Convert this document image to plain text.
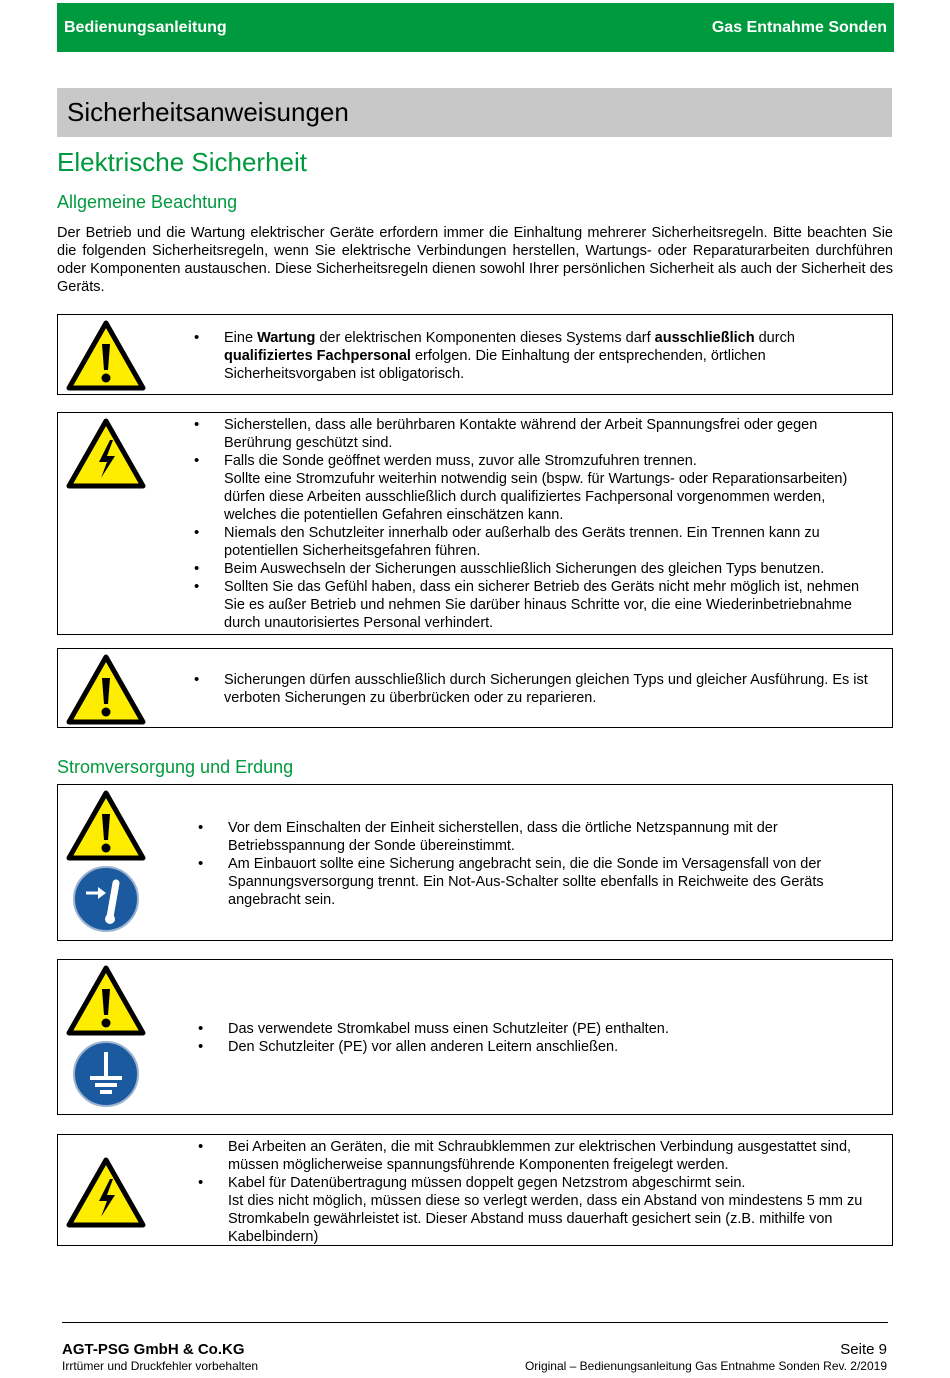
Bedienungsanleitung	Gas Entnahme Sonden
Sicherheitsanweisungen
Elektrische Sicherheit
Allgemeine Beachtung

Der Betrieb und die Wartung elektrischer Geräte erfordern immer die Einhaltung mehrerer Sicherheitsregeln. Bitte beachten Sie die folgenden Sicherheitsregeln, wenn Sie elektrische Verbindungen herstellen, Wartungs- oder Reparaturarbeiten durchführen oder Komponenten austauschen. Diese Sicherheitsregeln dienen sowohl Ihrer persönlichen Sicherheit als auch der Sicherheit des Geräts.

• Eine Wartung der elektrischen Komponenten dieses Systems darf ausschließlich durch qualifiziertes Fachpersonal erfolgen. Die Einhaltung der entsprechenden, örtlichen Sicherheitsvorgaben ist obligatorisch.
• Sicherstellen, dass alle berührbaren Kontakte während der Arbeit Spannungsfrei oder gegen Berührung geschützt sind.
• Falls die Sonde geöffnet werden muss, zuvor alle Stromzufuhren trennen.
Sollte eine Stromzufuhr weiterhin notwendig sein (bspw. für Wartungs- oder Reparationsarbeiten) dürfen diese Arbeiten ausschließlich durch qualifiziertes Fachpersonal vorgenommen werden, welches die potentiellen Gefahren einschätzen kann.
• Niemals den Schutzleiter innerhalb oder außerhalb des Geräts trennen. Ein Trennen kann zu potentiellen Sicherheitsgefahren führen.
• Beim Auswechseln der Sicherungen ausschließlich Sicherungen des gleichen Typs benutzen.
• Sollten Sie das Gefühl haben, dass ein sicherer Betrieb des Geräts nicht mehr möglich ist, nehmen Sie es außer Betrieb und nehmen Sie darüber hinaus Schritte vor, die eine Wiederinbetriebnahme durch unautorisiertes Personal verhindert.
• Sicherungen dürfen ausschließlich durch Sicherungen gleichen Typs und gleicher Ausführung. Es ist verboten Sicherungen zu überbrücken oder zu reparieren.
Stromversorgung und Erdung
• Vor dem Einschalten der Einheit sicherstellen, dass die örtliche Netzspannung mit der Betriebsspannung der Sonde übereinstimmt.
• Am Einbauort sollte eine Sicherung angebracht sein, die die Sonde im Versagensfall von der Spannungsversorgung trennt. Ein Not-Aus-Schalter sollte ebenfalls in Reichweite des Geräts angebracht sein.
• Das verwendete Stromkabel muss einen Schutzleiter (PE) enthalten.
• Den Schutzleiter (PE) vor allen anderen Leitern anschließen.
• Bei Arbeiten an Geräten, die mit Schraubklemmen zur elektrischen Verbindung ausgestattet sind, müssen möglicherweise spannungsführende Komponenten freigelegt werden.
• Kabel für Datenübertragung müssen doppelt gegen Netzstrom abgeschirmt sein.
Ist dies nicht möglich, müssen diese so verlegt werden, dass ein Abstand von mindestens 5 mm zu Stromkabeln gewährleistet ist. Dieser Abstand muss dauerhaft gesichert sein (z.B. mithilfe von Kabelbindern)
AGT-PSG GmbH & Co.KG
Irrtümer und Druckfehler vorbehalten
Seite 9
Original – Bedienungsanleitung Gas Entnahme Sonden Rev. 2/2019
